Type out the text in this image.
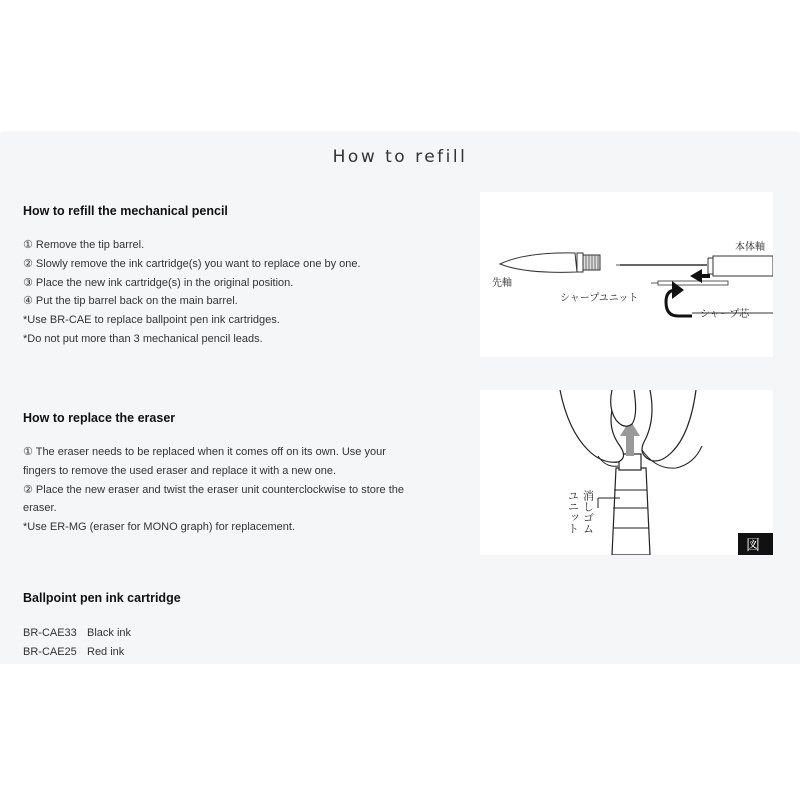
How to refill
How to refill the mechanical pencil
① Remove the tip barrel.
② Slowly remove the ink cartridge(s) you want to replace one by one.
③ Place the new ink cartridge(s) in the original position.
④ Put the tip barrel back on the main barrel.
*Use BR-CAE to replace ballpoint pen ink cartridges.
*Do not put more than 3 mechanical pencil leads.
本体軸
先軸
シャープユニット
シャープ芯
How to replace the eraser

① The eraser needs to be replaced when it comes off on its own. Use your fingers to remove the used eraser and replace it with a new one.

② Place the new eraser and twist the eraser unit counterclockwise to store the eraser.

*Use ER-MG (eraser for MONO graph) for replacement.	消しゴム
ユニット
図
Ballpoint pen ink cartridge
BR-CAE33 Black ink
BR-CAE25 Red ink
